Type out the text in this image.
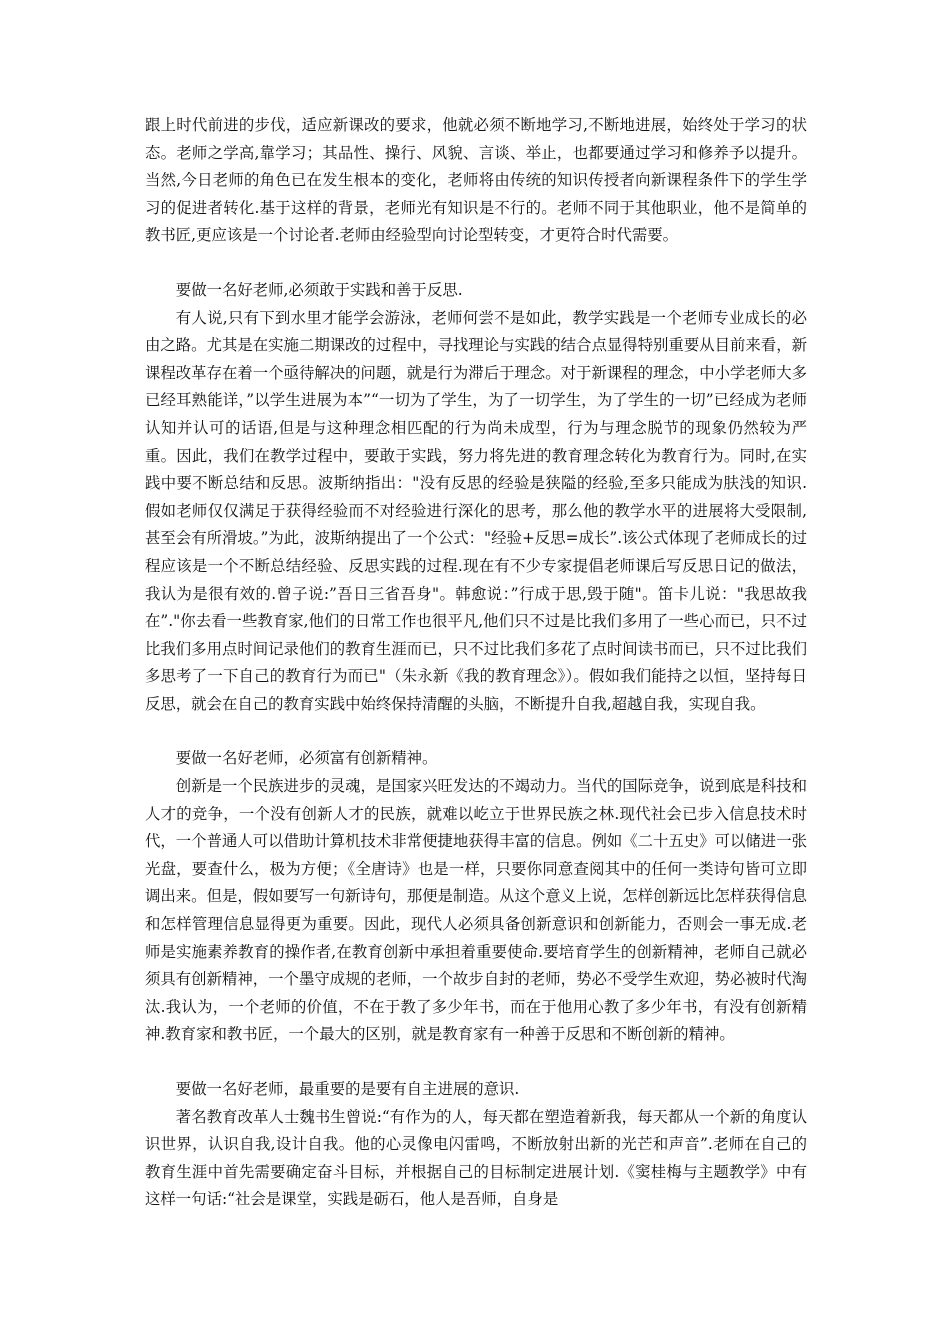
跟上时代前进的步伐，适应新课改的要求，他就必须不断地学习,不断地进展，始终处于学习的状态。老师之学高,靠学习；其品性、操行、风貌、言谈、举止，也都要通过学习和修养予以提升。当然,今日老师的角色已在发生根本的变化，老师将由传统的知识传授者向新课程条件下的学生学习的促进者转化.基于这样的背景，老师光有知识是不行的。老师不同于其他职业，他不是简单的教书匠,更应该是一个讨论者.老师由经验型向讨论型转变，才更符合时代需要。

要做一名好老师,必须敢于实践和善于反思.

有人说,只有下到水里才能学会游泳，老师何尝不是如此，教学实践是一个老师专业成长的必由之路。尤其是在实施二期课改的过程中，寻找理论与实践的结合点显得特别重要从目前来看，新课程改革存在着一个亟待解决的问题，就是行为滞后于理念。对于新课程的理念，中小学老师大多已经耳熟能详，”以学生进展为本”“一切为了学生，为了一切学生，为了学生的一切”已经成为老师认知并认可的话语,但是与这种理念相匹配的行为尚未成型，行为与理念脱节的现象仍然较为严重。因此，我们在教学过程中，要敢于实践，努力将先进的教育理念转化为教育行为。同时,在实践中要不断总结和反思。波斯纳指出："没有反思的经验是狭隘的经验,至多只能成为肤浅的知识.假如老师仅仅满足于获得经验而不对经验进行深化的思考，那么他的教学水平的进展将大受限制,甚至会有所滑坡。”为此，波斯纳提出了一个公式："经验+反思=成长”.该公式体现了老师成长的过程应该是一个不断总结经验、反思实践的过程.现在有不少专家提倡老师课后写反思日记的做法，我认为是很有效的.曾子说:”吾日三省吾身"。韩愈说：”行成于思,毁于随"。笛卡儿说："我思故我在”."你去看一些教育家,他们的日常工作也很平凡,他们只不过是比我们多用了一些心而已，只不过比我们多用点时间记录他们的教育生涯而已，只不过比我们多花了点时间读书而已，只不过比我们多思考了一下自己的教育行为而已"（朱永新《我的教育理念》）。假如我们能持之以恒，坚持每日反思，就会在自己的教育实践中始终保持清醒的头脑，不断提升自我,超越自我，实现自我。

要做一名好老师，必须富有创新精神。

创新是一个民族进步的灵魂，是国家兴旺发达的不竭动力。当代的国际竞争，说到底是科技和人才的竞争，一个没有创新人才的民族，就难以屹立于世界民族之林.现代社会已步入信息技术时代，一个普通人可以借助计算机技术非常便捷地获得丰富的信息。例如《二十五史》可以储进一张光盘，要查什么，极为方便；《全唐诗》也是一样，只要你同意查阅其中的任何一类诗句皆可立即调出来。但是，假如要写一句新诗句，那便是制造。从这个意义上说，怎样创新远比怎样获得信息和怎样管理信息显得更为重要。因此，现代人必须具备创新意识和创新能力，否则会一事无成.老师是实施素养教育的操作者,在教育创新中承担着重要使命.要培育学生的创新精神，老师自己就必须具有创新精神，一个墨守成规的老师，一个故步自封的老师，势必不受学生欢迎，势必被时代淘汰.我认为，一个老师的价值，不在于教了多少年书，而在于他用心教了多少年书，有没有创新精神.教育家和教书匠，一个最大的区别，就是教育家有一种善于反思和不断创新的精神。

要做一名好老师，最重要的是要有自主进展的意识.

著名教育改革人士魏书生曾说:“有作为的人，每天都在塑造着新我，每天都从一个新的角度认识世界，认识自我,设计自我。他的心灵像电闪雷鸣，不断放射出新的光芒和声音”.老师在自己的教育生涯中首先需要确定奋斗目标，并根据自己的目标制定进展计划.《窦桂梅与主题教学》中有这样一句话:“社会是课堂，实践是砺石，他人是吾师，自身是
